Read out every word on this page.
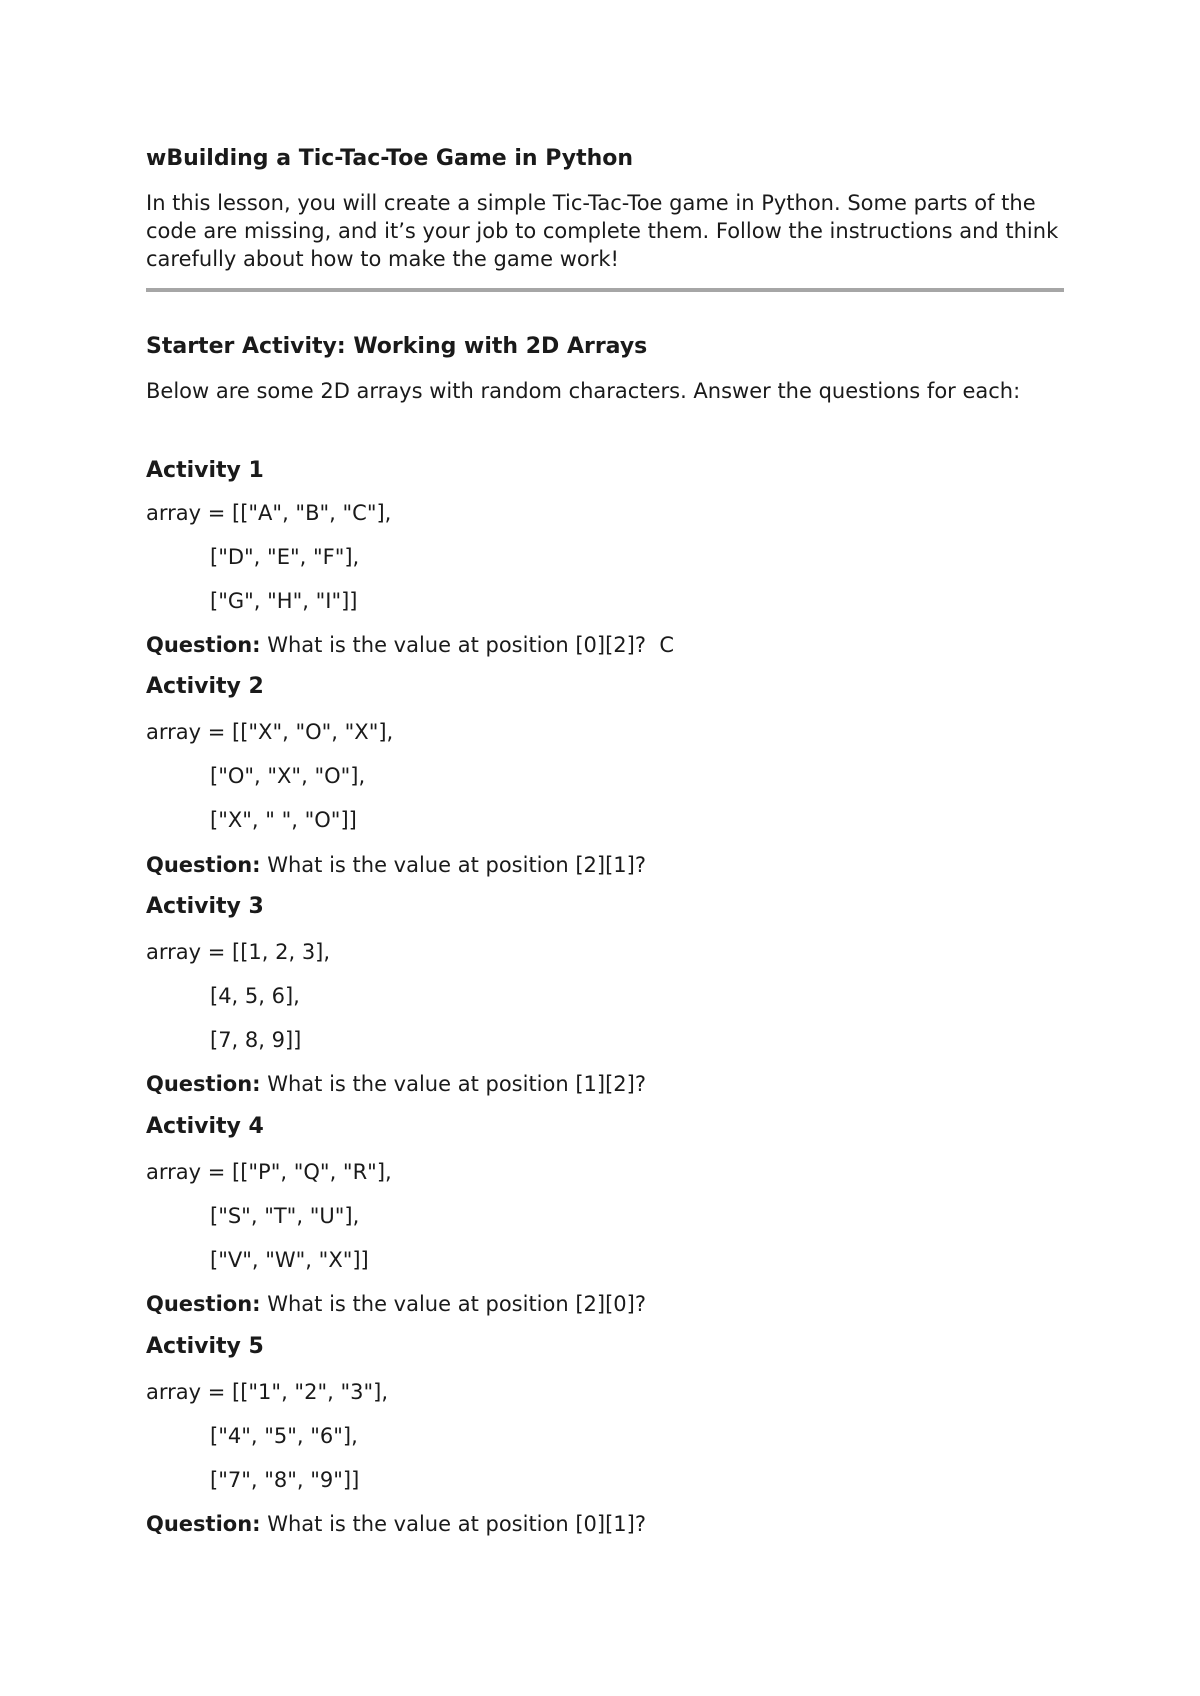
wBuilding a Tic-Tac-Toe Game in Python

In this lesson, you will create a simple Tic-Tac-Toe game in Python. Some parts of the code are missing, and it’s your job to complete them. Follow the instructions and think carefully about how to make the game work!

Starter Activity: Working with 2D Arrays

Below are some 2D arrays with random characters. Answer the questions for each:

Activity 1
array = [["A", "B", "C"],
["D", "E", "F"],
["G", "H", "I"]]
Question: What is the value at position [0][2]?  C
Activity 2
array = [["X", "O", "X"],
["O", "X", "O"],
["X", " ", "O"]]
Question: What is the value at position [2][1]?
Activity 3
array = [[1, 2, 3],
[4, 5, 6],
[7, 8, 9]]
Question: What is the value at position [1][2]?
Activity 4
array = [["P", "Q", "R"],
["S", "T", "U"],
["V", "W", "X"]]
Question: What is the value at position [2][0]?
Activity 5
array = [["1", "2", "3"],
["4", "5", "6"],
["7", "8", "9"]]
Question: What is the value at position [0][1]?
